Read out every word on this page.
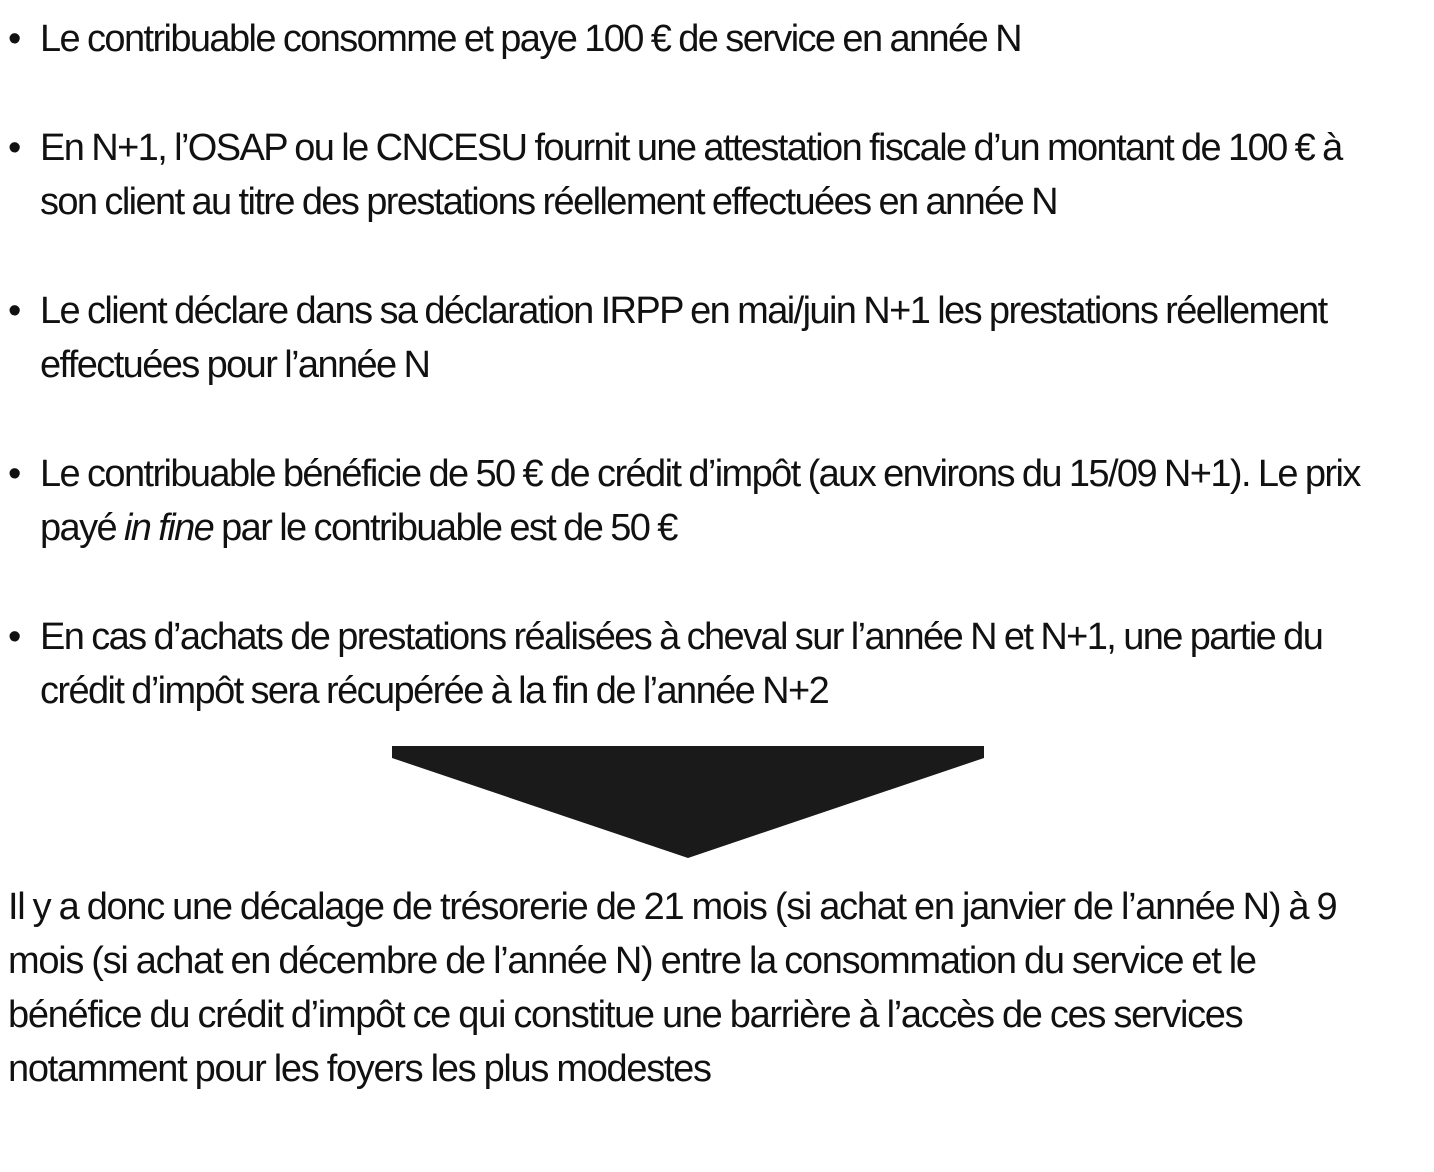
• Le contribuable consomme et paye 100 € de service en année N
• En N+1, l’OSAP ou le CNCESU fournit une attestation fiscale d’un montant de 100 € à son client au titre des prestations réellement effectuées en année N
• Le client déclare dans sa déclaration IRPP en mai/juin N+1 les prestations réellement effectuées pour l’année N
• Le contribuable bénéficie de 50 € de crédit d’impôt (aux environs du 15/09 N+1). Le prix payé in fine par le contribuable est de 50 €
• En cas d’achats de prestations réalisées à cheval sur l’année N et N+1, une partie du crédit d’impôt sera récupérée à la fin de l’année N+2

Il y a donc une décalage de trésorerie de 21 mois (si achat en janvier de l’année N) à 9 mois (si achat en décembre de l’année N) entre la consommation du service et le bénéfice du crédit d’impôt ce qui constitue une barrière à l’accès de ces services notamment pour les foyers les plus modestes
